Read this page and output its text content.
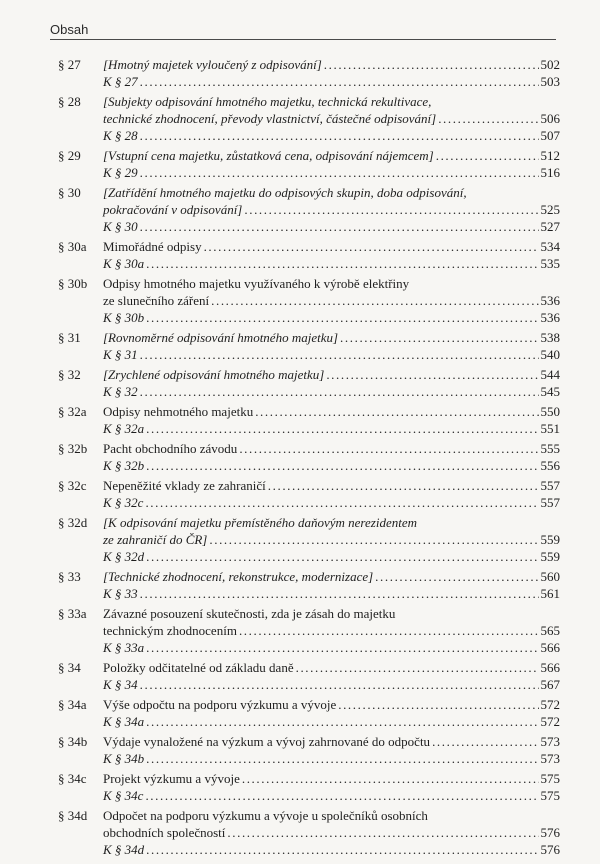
Obsah
§ 27 [Hmotný majetek vyloučený z odpisování] .....	502
K § 27 .....	503
§ 28 [Subjekty odpisování hmotného majetku, technická rekultivace,
technické zhodnocení, převody vlastnictví, částečné odpisování] .....	506
K § 28 .....	507
§ 29 [Vstupní cena majetku, zůstatková cena, odpisování nájemcem] .....	512
K § 29 .....	516
§ 30 [Zatřídění hmotného majetku do odpisových skupin, doba odpisování,
pokračování v odpisování] .....	525
K § 30 .....	527
§ 30a Mimořádné odpisy .....	534
K § 30a .....	535
§ 30b Odpisy hmotného majetku využívaného k výrobě elektřiny
ze slunečního záření .....	536
K § 30b .....	536
§ 31 [Rovnoměrné odpisování hmotného majetku] .....	538
K § 31 .....	540
§ 32 [Zrychlené odpisování hmotného majetku] .....	544
K § 32 .....	545
§ 32a Odpisy nehmotného majetku .....	550
K § 32a .....	551
§ 32b Pacht obchodního závodu .....	555
K § 32b .....	556
§ 32c Nepeněžité vklady ze zahraničí .....	557
K § 32c .....	557
§ 32d [K odpisování majetku přemístěného daňovým nerezidentem
ze zahraničí do ČR] .....	559
K § 32d .....	559
§ 33 [Technické zhodnocení, rekonstrukce, modernizace] .....	560
K § 33 .....	561
§ 33a Závazné posouzení skutečnosti, zda je zásah do majetku
technickým zhodnocením .....	565
K § 33a .....	566
§ 34 Položky odčitatelné od základu daně .....	566
K § 34 .....	567
§ 34a Výše odpočtu na podporu výzkumu a vývoje .....	572
K § 34a .....	572
§ 34b Výdaje vynaložené na výzkum a vývoj zahrnované do odpočtu .....	573
K § 34b .....	573
§ 34c Projekt výzkumu a vývoje .....	575
K § 34c .....	575
§ 34d Odpočet na podporu výzkumu a vývoje u společníků osobních
obchodních společností .....	576
K § 34d .....	576
